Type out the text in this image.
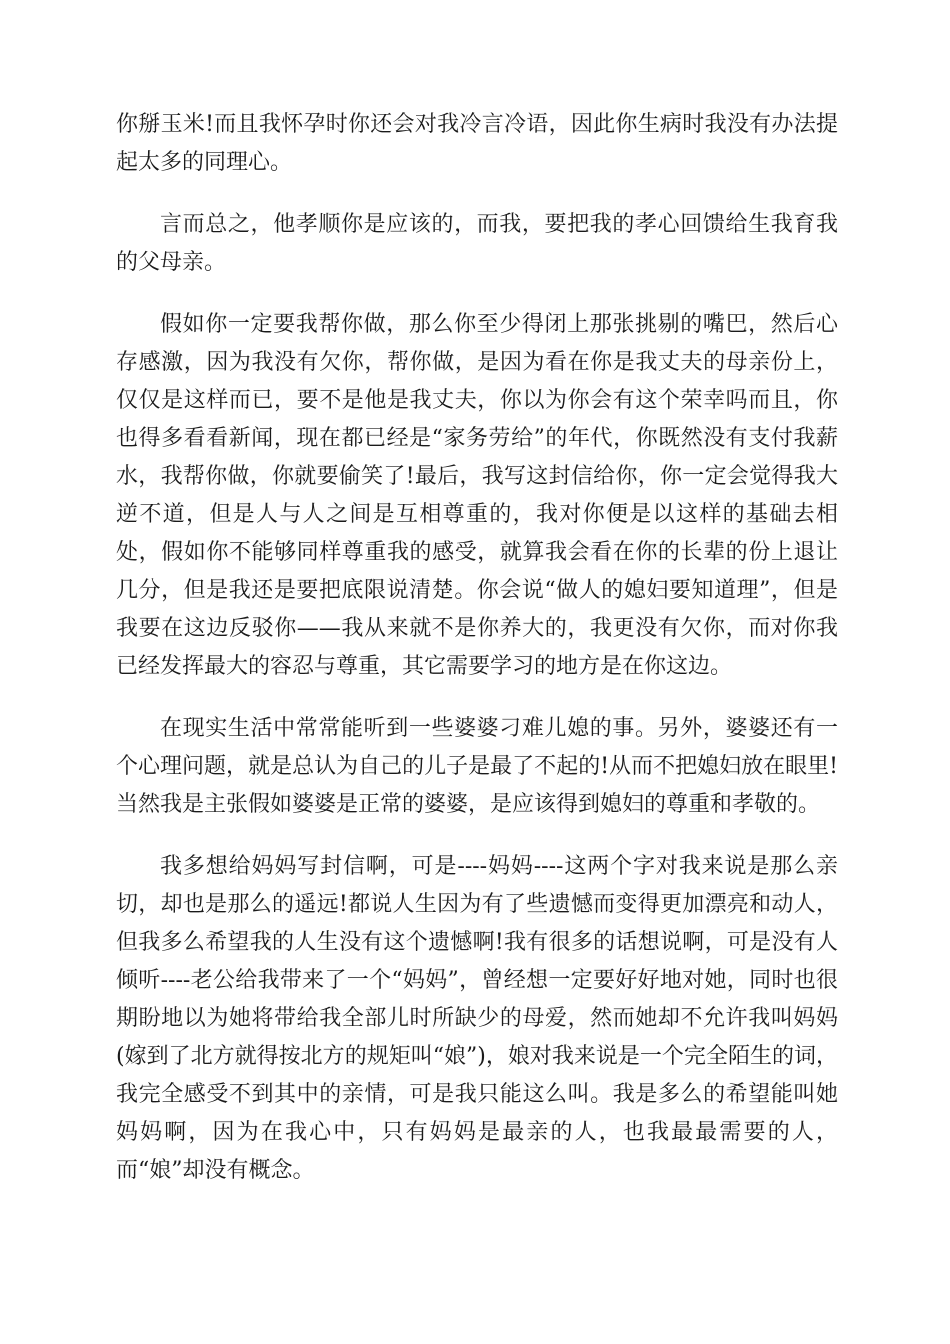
你掰玉米!而且我怀孕时你还会对我冷言冷语，因此你生病时我没有办法提起太多的同理心。

言而总之，他孝顺你是应该的，而我，要把我的孝心回馈给生我育我的父母亲。

假如你一定要我帮你做，那么你至少得闭上那张挑剔的嘴巴，然后心存感激，因为我没有欠你，帮你做，是因为看在你是我丈夫的母亲份上，仅仅是这样而已，要不是他是我丈夫，你以为你会有这个荣幸吗而且，你也得多看看新闻，现在都已经是“家务劳给”的年代，你既然没有支付我薪水，我帮你做，你就要偷笑了!最后，我写这封信给你，你一定会觉得我大逆不道，但是人与人之间是互相尊重的，我对你便是以这样的基础去相处，假如你不能够同样尊重我的感受，就算我会看在你的长辈的份上退让几分，但是我还是要把底限说清楚。你会说“做人的媳妇要知道理”，但是我要在这边反驳你——我从来就不是你养大的，我更没有欠你，而对你我已经发挥最大的容忍与尊重，其它需要学习的地方是在你这边。

在现实生活中常常能听到一些婆婆刁难儿媳的事。另外，婆婆还有一个心理问题，就是总认为自己的儿子是最了不起的!从而不把媳妇放在眼里!当然我是主张假如婆婆是正常的婆婆，是应该得到媳妇的尊重和孝敬的。

我多想给妈妈写封信啊，可是----妈妈----这两个字对我来说是那么亲切，却也是那么的遥远!都说人生因为有了些遗憾而变得更加漂亮和动人，但我多么希望我的人生没有这个遗憾啊!我有很多的话想说啊，可是没有人倾听----老公给我带来了一个“妈妈”，曾经想一定要好好地对她，同时也很期盼地以为她将带给我全部儿时所缺少的母爱，然而她却不允许我叫妈妈(嫁到了北方就得按北方的规矩叫“娘”)，娘对我来说是一个完全陌生的词，我完全感受不到其中的亲情，可是我只能这么叫。我是多么的希望能叫她妈妈啊，因为在我心中，只有妈妈是最亲的人，也我最最需要的人，而“娘”却没有概念。
